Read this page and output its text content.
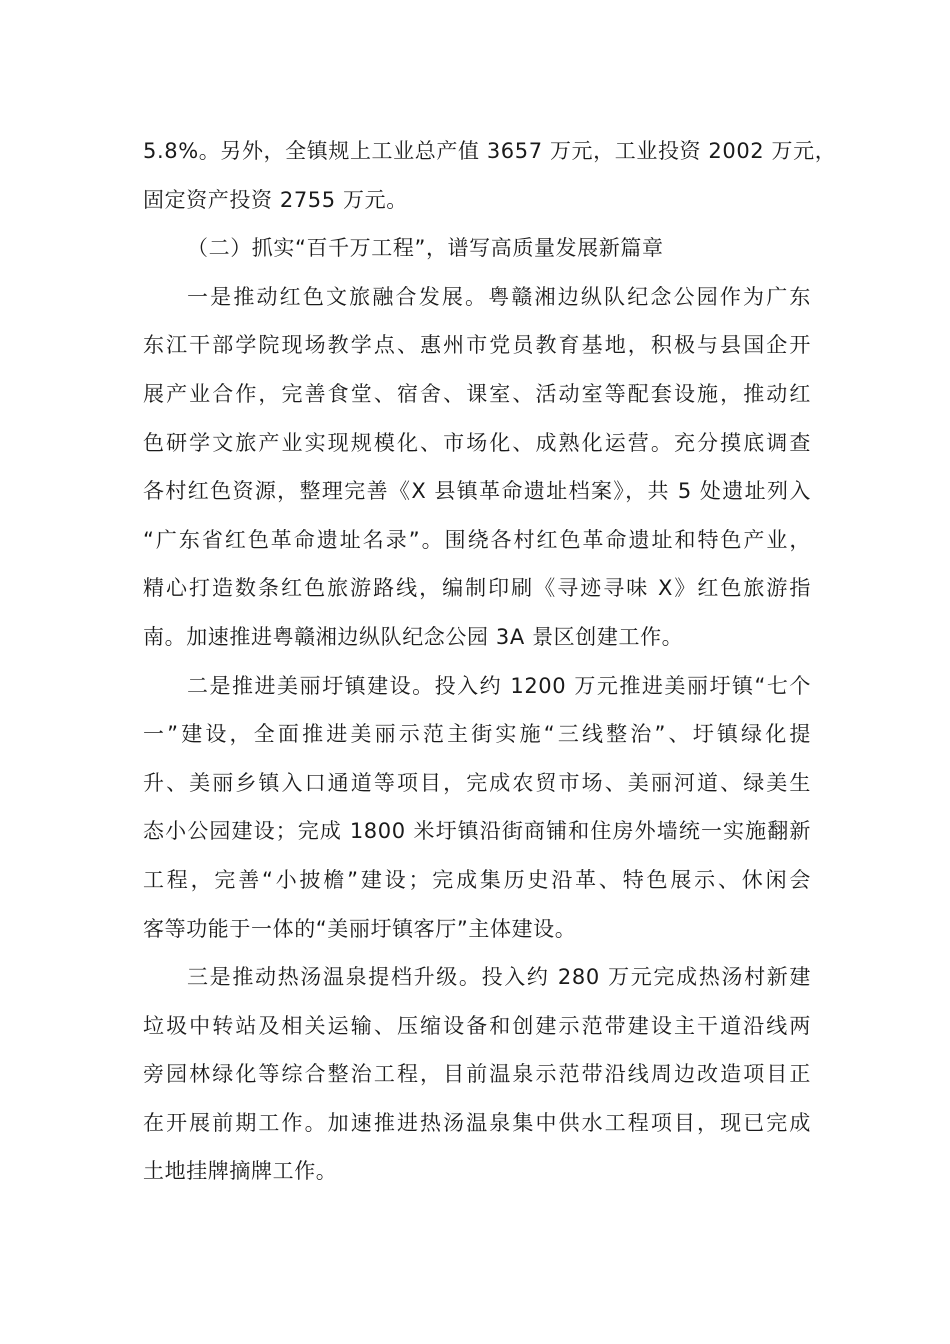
5.8%。另外，全镇规上工业总产值 3657 万元，工业投资 2002 万元，
固定资产投资 2755 万元。
（二）抓实“百千万工程”，谱写高质量发展新篇章
一是推动红色文旅融合发展。粤赣湘边纵队纪念公园作为广东
东江干部学院现场教学点、惠州市党员教育基地，积极与县国企开
展产业合作，完善食堂、宿舍、课室、活动室等配套设施，推动红
色研学文旅产业实现规模化、市场化、成熟化运营。充分摸底调查
各村红色资源，整理完善《X 县镇革命遗址档案》，共 5 处遗址列入
“广东省红色革命遗址名录”。围绕各村红色革命遗址和特色产业，
精心打造数条红色旅游路线，编制印刷《寻迹寻味 X》红色旅游指
南。加速推进粤赣湘边纵队纪念公园 3A 景区创建工作。
二是推进美丽圩镇建设。投入约 1200 万元推进美丽圩镇“七个
一”建设，全面推进美丽示范主街实施“三线整治”、圩镇绿化提
升、美丽乡镇入口通道等项目，完成农贸市场、美丽河道、绿美生
态小公园建设；完成 1800 米圩镇沿街商铺和住房外墙统一实施翻新
工程，完善“小披檐”建设；完成集历史沿革、特色展示、休闲会
客等功能于一体的“美丽圩镇客厅”主体建设。
三是推动热汤温泉提档升级。投入约 280 万元完成热汤村新建
垃圾中转站及相关运输、压缩设备和创建示范带建设主干道沿线两
旁园林绿化等综合整治工程，目前温泉示范带沿线周边改造项目正
在开展前期工作。加速推进热汤温泉集中供水工程项目，现已完成
土地挂牌摘牌工作。
